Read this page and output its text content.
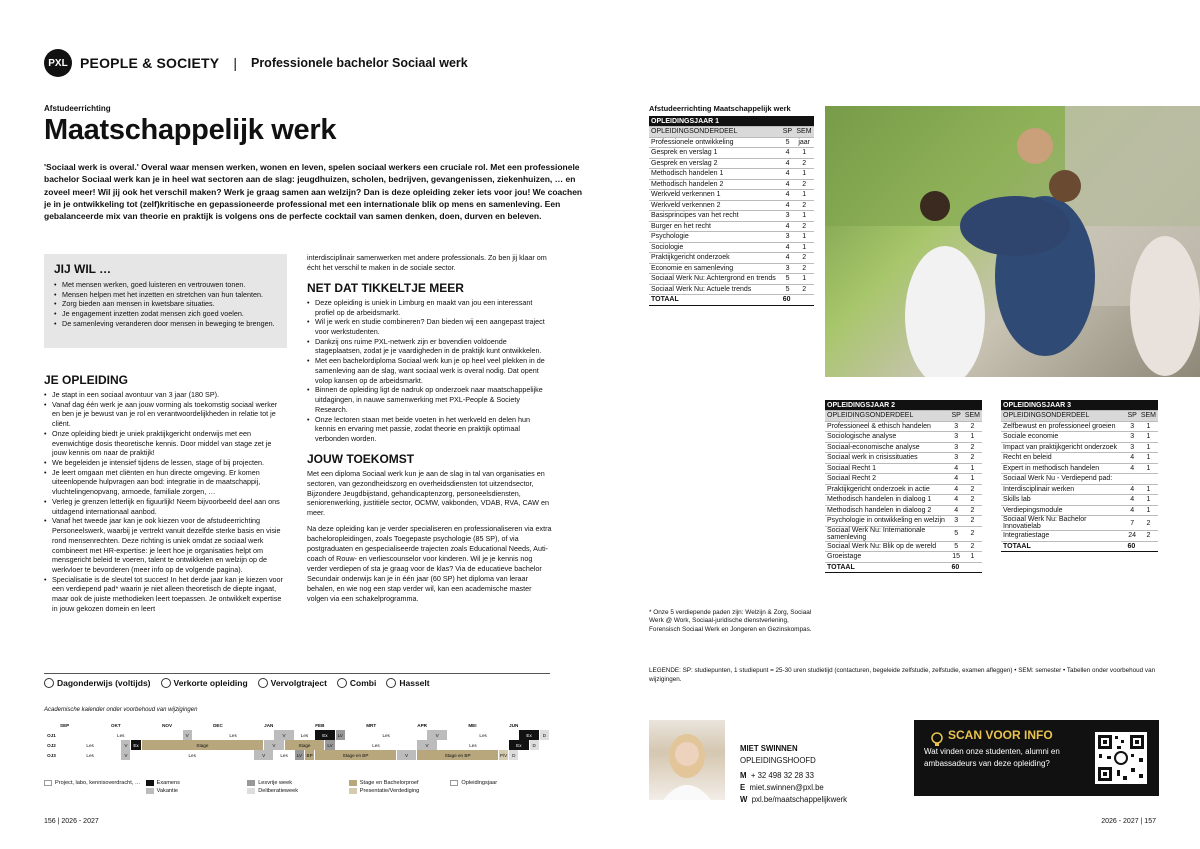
PXL PEOPLE & SOCIETY | Professionele bachelor Sociaal werk
Afstudeerrichting
Maatschappelijk werk
'Sociaal werk is overal.' Overal waar mensen werken, wonen en leven, spelen sociaal werkers een cruciale rol. Met een professionele bachelor Sociaal werk kan je in heel wat sectoren aan de slag: jeugdhuizen, scholen, bedrijven, gevangenissen, ziekenhuizen, … en zoveel meer! Wil jij ook het verschil maken? Werk je graag samen aan welzijn? Dan is deze opleiding zeker iets voor jou! We coachen je in je ontwikkeling tot (zelf)kritische en gepassioneerde professional met een internationale blik op mens en samenleving. Een gebalanceerde mix van theorie en praktijk is volgens ons de perfecte cocktail van samen denken, doen, durven en beleven.
JIJ WIL …
• Met mensen werken, goed luisteren en vertrouwen tonen.
• Mensen helpen met het inzetten en stretchen van hun talenten.
• Zorg bieden aan mensen in kwetsbare situaties.
• Je engagement inzetten zodat mensen zich goed voelen.
• De samenleving veranderen door mensen in beweging te brengen.
JE OPLEIDING
• Je stapt in een sociaal avontuur van 3 jaar (180 SP).
• Vanaf dag één werk je aan jouw vorming als toekomstig sociaal werker en ben je je bewust van je rol en verantwoordelijkheden in relatie tot je cliënt.
• Onze opleiding biedt je uniek praktijkgericht onderwijs met een evenwichtige dosis theoretische kennis. Door middel van stage zet je jouw kennis om naar de praktijk!
• We begeleiden je intensief tijdens de lessen, stage of bij projecten.
• Je leert omgaan met cliënten en hun directe omgeving. Er komen uiteenlopende hulpvragen aan bod: integratie in de maatschappij, vluchtelingenopvang, armoede, familiale zorgen, …
• Verleg je grenzen letterlijk en figuurlijk! Neem bijvoorbeeld deel aan ons uitdagend internationaal aanbod.
• Vanaf het tweede jaar kan je ook kiezen voor de afstudeerrichting Personeelswerk, waarbij je vertrekt vanuit dezelfde sterke basis en visie rond mensenrechten. Deze richting is uniek omdat ze sociaal werk combineert met HR-expertise: je leert hoe je organisaties helpt om mensgericht beleid te voeren, talent te ontwikkelen en welzijn op de werkvloer te bevorderen (meer info op de volgende pagina).
• Specialisatie is de sleutel tot succes! In het derde jaar kan je kiezen voor een verdiepend pad* waarin je niet alleen theoretisch de diepte ingaat, maar ook de juiste methodieken leert toepassen. Je ontwikkelt expertise in jouw gekozen domein en leert

interdisciplinair samenwerken met andere professionals. Zo ben jij klaar om écht het verschil te maken in de sociale sector.

NET DAT TIKKELTJE MEER
• Deze opleiding is uniek in Limburg en maakt van jou een interessant profiel op de arbeidsmarkt.
• Wil je werk en studie combineren? Dan bieden wij een aangepast traject voor werkstudenten.
• Dankzij ons ruime PXL-netwerk zijn er bovendien voldoende stageplaatsen, zodat je je vaardigheden in de praktijk kunt ontwikkelen.
• Met een bachelordiploma Sociaal werk kun je op heel veel plekken in de samenleving aan de slag, want sociaal werk is overal nodig. Dat opent volop kansen op de arbeidsmarkt.
• Binnen de opleiding ligt de nadruk op onderzoek naar maatschappelijke uitdagingen, in nauwe samenwerking met PXL-People & Society Research.
• Onze lectoren staan met beide voeten in het werkveld en delen hun kennis en ervaring met passie, zodat theorie en praktijk optimaal verbonden worden.
JOUW TOEKOMST

Met een diploma Sociaal werk kun je aan de slag in tal van organisaties en sectoren, van gezondheidszorg en overheidsdiensten tot uitzendsector, Bijzondere Jeugdbijstand, gehandicaptenzorg, personeelsdiensten, seniorenwerking, justitiële sector, OCMW, vakbonden, VDAB, RVA, CAW en meer.

Na deze opleiding kan je verder specialiseren en professionaliseren via extra bacheloropleidingen, zoals Toegepaste psychologie (85 SP), of via postgraduaten en gespecialiseerde trajecten zoals Educational Needs, Auti-coach of Rouw- en verliescounselor voor kinderen. Wil je je kennis nog verder verdiepen of sta je graag voor de klas? Via de educatieve bachelor Secundair onderwijs kan je in één jaar (60 SP) het diploma van leraar behalen, en wie nog een stap verder wil, kan een academische master volgen via een schakelprogramma.

Afstudeerrichting Maatschappelijk werk
OPLEIDINGSJAAR 1		
OPLEIDINGSONDERDEEL	SP	SEM
Professionele ontwikkeling	5	jaar
Gesprek en verslag 1	4	1
Gesprek en verslag 2	4	2
Methodisch handelen 1	4	1
Methodisch handelen 2	4	2
Werkveld verkennen 1	4	1
Werkveld verkennen 2	4	2
Basisprincipes van het recht	3	1
Burger en het recht	4	2
Psychologie	3	1
Sociologie	4	1
Praktijkgericht onderzoek	4	2
Economie en samenleving	3	2
Sociaal Werk Nu: Achtergrond en trends	5	1
Sociaal Werk Nu: Actuele trends	5	2
TOTAAL	60	
OPLEIDINGSJAAR 2		
OPLEIDINGSONDERDEEL	SP	SEM
Professioneel & ethisch handelen	3	2
Sociologische analyse	3	1
Sociaal-economische analyse	3	2
Sociaal werk in crisissituaties	3	2
Sociaal Recht 1	4	1
Sociaal Recht 2	4	1
Praktijkgericht onderzoek in actie	4	2
Methodisch handelen in dialoog 1	4	2
Methodisch handelen in dialoog 2	4	2
Psychologie in ontwikkeling en welzijn	3	2
Sociaal Werk Nu: Internationale samenleving	5	2
Sociaal Werk Nu: Blik op de wereld	5	2
Groeistage	15	1
TOTAAL	60	
OPLEIDINGSJAAR 3		
OPLEIDINGSONDERDEEL	SP	SEM
Zelfbewust en professioneel groeien	3	1
Sociale economie	3	1
Impact van praktijkgericht onderzoek	3	1
Recht en beleid	4	1
Expert in methodisch handelen	4	1
Sociaal Werk Nu - Verdiepend pad:		
Interdisciplinair werken	4	1
Skills lab	4	1
Verdiepingsmodule	4	1
Sociaal Werk Nu: Bachelor Innovatielab	7	2
Integratiestage	24	2
TOTAAL	60	
* Onze 5 verdiepende paden zijn: Welzijn & Zorg, Sociaal Werk @ Work, Sociaal-juridische dienstverlening, Forensisch Sociaal Werk en Jongeren en Gezinskompas.
LEGENDE: SP: studiepunten, 1 studiepunt = 25-30 uren studietijd (contacturen, begeleide zelfstudie, zelfstudie, examen afleggen) • SEM: semester • Tabellen onder voorbehoud van wijzigingen.
Dagonderwijs (voltijds)	Verkorte opleiding	Vervolgtraject	Combi	Hasselt
Academische kalender onder voorbehoud van wijzigingen
SEP	OKT	NOV	DEC	JAN	FEB	MRT	APR	MEI	JUN
OJ1	Les	V	Les	V	Les	Ex	LV	Les	V	Les	Ex	D
OJ2	Les	V	Ex	Stage	V	Stage	LV	Les	V	Les	Ex	D
OJ3	Les	V	Les	V	Les	LV BP	Stage en BP	V	Stage en BP	P/V	D
Project, labo, kennisoverdracht, …	Examens	Lesvrije week	Stage en Bachelorproef	Opleidingsjaar
Vakantie	Deliberatieweek	Presentatie/Verdediging
MIET SWINNEN
OPLEIDINGSHOOFD
M + 32 498 32 28 33
E miet.swinnen@pxl.be
W pxl.be/maatschappelijkwerk
SCAN VOOR INFO

Wat vinden onze studenten, alumni en ambassadeurs van deze opleiding?

156 | 2026 - 2027	2026 - 2027 | 157
